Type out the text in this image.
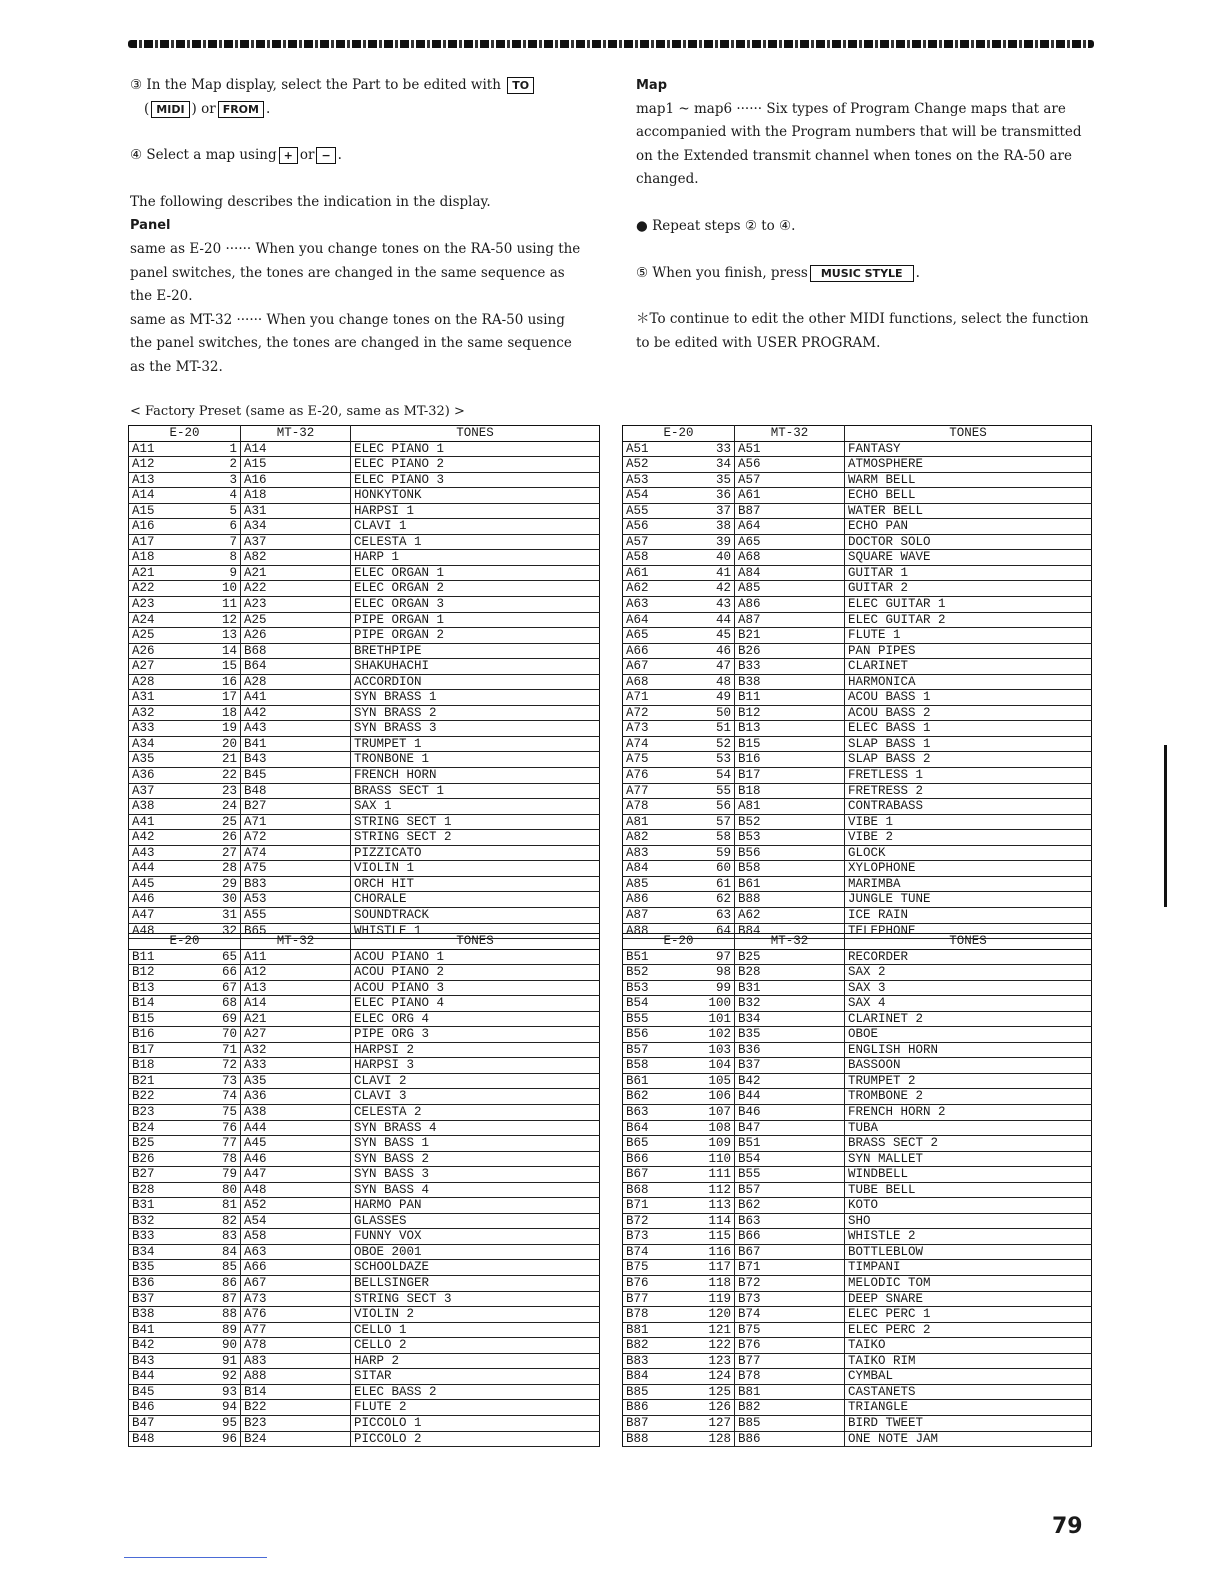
③ In the Map display, select the Part to be edited with TO

( MIDI ) or FROM .

④ Select a map using + or − .

The following describes the indication in the display.

Panel

same as E-20 ······ When you change tones on the RA-50 using the panel switches, the tones are changed in the same sequence as the E-20.

same as MT-32 ······ When you change tones on the RA-50 using the panel switches, the tones are changed in the same sequence as the MT-32.

Map

map1 ~ map6 ······ Six types of Program Change maps that are accompanied with the Program numbers that will be transmitted on the Extended transmit channel when tones on the RA-50 are changed.

● Repeat steps ② to ④.

⑤ When you finish, press MUSIC STYLE .

＊To continue to edit the other MIDI functions, select the function to be edited with USER PROGRAM.

< Factory Preset (same as E-20, same as MT-32) >
E-20		MT-32	TONES
A11	1	A14	ELEC PIANO 1
A12	2	A15	ELEC PIANO 2
A13	3	A16	ELEC PIANO 3
A14	4	A18	HONKYTONK
A15	5	A31	HARPSI 1
A16	6	A34	CLAVI 1
A17	7	A37	CELESTA 1
A18	8	A82	HARP 1
A21	9	A21	ELEC ORGAN 1
A22	10	A22	ELEC ORGAN 2
A23	11	A23	ELEC ORGAN 3
A24	12	A25	PIPE ORGAN 1
A25	13	A26	PIPE ORGAN 2
A26	14	B68	BRETHPIPE
A27	15	B64	SHAKUHACHI
A28	16	A28	ACCORDION
A31	17	A41	SYN BRASS 1
A32	18	A42	SYN BRASS 2
A33	19	A43	SYN BRASS 3
A34	20	B41	TRUMPET 1
A35	21	B43	TRONBONE 1
A36	22	B45	FRENCH HORN
A37	23	B48	BRASS SECT 1
A38	24	B27	SAX 1
A41	25	A71	STRING SECT 1
A42	26	A72	STRING SECT 2
A43	27	A74	PIZZICATO
A44	28	A75	VIOLIN 1
A45	29	B83	ORCH HIT
A46	30	A53	CHORALE
A47	31	A55	SOUNDTRACK
A48	32	B65	WHISTLE 1
E-20		MT-32	TONES
A51	33	A51	FANTASY
A52	34	A56	ATMOSPHERE
A53	35	A57	WARM BELL
A54	36	A61	ECHO BELL
A55	37	B87	WATER BELL
A56	38	A64	ECHO PAN
A57	39	A65	DOCTOR SOLO
A58	40	A68	SQUARE WAVE
A61	41	A84	GUITAR 1
A62	42	A85	GUITAR 2
A63	43	A86	ELEC GUITAR 1
A64	44	A87	ELEC GUITAR 2
A65	45	B21	FLUTE 1
A66	46	B26	PAN PIPES
A67	47	B33	CLARINET
A68	48	B38	HARMONICA
A71	49	B11	ACOU BASS 1
A72	50	B12	ACOU BASS 2
A73	51	B13	ELEC BASS 1
A74	52	B15	SLAP BASS 1
A75	53	B16	SLAP BASS 2
A76	54	B17	FRETLESS 1
A77	55	B18	FRETRESS 2
A78	56	A81	CONTRABASS
A81	57	B52	VIBE 1
A82	58	B53	VIBE 2
A83	59	B56	GLOCK
A84	60	B58	XYLOPHONE
A85	61	B61	MARIMBA
A86	62	B88	JUNGLE TUNE
A87	63	A62	ICE RAIN
A88	64	B84	TELEPHONE
E-20		MT-32	TONES
B11	65	A11	ACOU PIANO 1
B12	66	A12	ACOU PIANO 2
B13	67	A13	ACOU PIANO 3
B14	68	A14	ELEC PIANO 4
B15	69	A21	ELEC ORG 4
B16	70	A27	PIPE ORG 3
B17	71	A32	HARPSI 2
B18	72	A33	HARPSI 3
B21	73	A35	CLAVI 2
B22	74	A36	CLAVI 3
B23	75	A38	CELESTA 2
B24	76	A44	SYN BRASS 4
B25	77	A45	SYN BASS 1
B26	78	A46	SYN BASS 2
B27	79	A47	SYN BASS 3
B28	80	A48	SYN BASS 4
B31	81	A52	HARMO PAN
B32	82	A54	GLASSES
B33	83	A58	FUNNY VOX
B34	84	A63	OBOE 2001
B35	85	A66	SCHOOLDAZE
B36	86	A67	BELLSINGER
B37	87	A73	STRING SECT 3
B38	88	A76	VIOLIN 2
B41	89	A77	CELLO 1
B42	90	A78	CELLO 2
B43	91	A83	HARP 2
B44	92	A88	SITAR
B45	93	B14	ELEC BASS 2
B46	94	B22	FLUTE 2
B47	95	B23	PICCOLO 1
B48	96	B24	PICCOLO 2
E-20		MT-32	TONES
B51	97	B25	RECORDER
B52	98	B28	SAX 2
B53	99	B31	SAX 3
B54	100	B32	SAX 4
B55	101	B34	CLARINET 2
B56	102	B35	OBOE
B57	103	B36	ENGLISH HORN
B58	104	B37	BASSOON
B61	105	B42	TRUMPET 2
B62	106	B44	TROMBONE 2
B63	107	B46	FRENCH HORN 2
B64	108	B47	TUBA
B65	109	B51	BRASS SECT 2
B66	110	B54	SYN MALLET
B67	111	B55	WINDBELL
B68	112	B57	TUBE BELL
B71	113	B62	KOTO
B72	114	B63	SHO
B73	115	B66	WHISTLE 2
B74	116	B67	BOTTLEBLOW
B75	117	B71	TIMPANI
B76	118	B72	MELODIC TOM
B77	119	B73	DEEP SNARE
B78	120	B74	ELEC PERC 1
B81	121	B75	ELEC PERC 2
B82	122	B76	TAIKO
B83	123	B77	TAIKO RIM
B84	124	B78	CYMBAL
B85	125	B81	CASTANETS
B86	126	B82	TRIANGLE
B87	127	B85	BIRD TWEET
B88	128	B86	ONE NOTE JAM
79
